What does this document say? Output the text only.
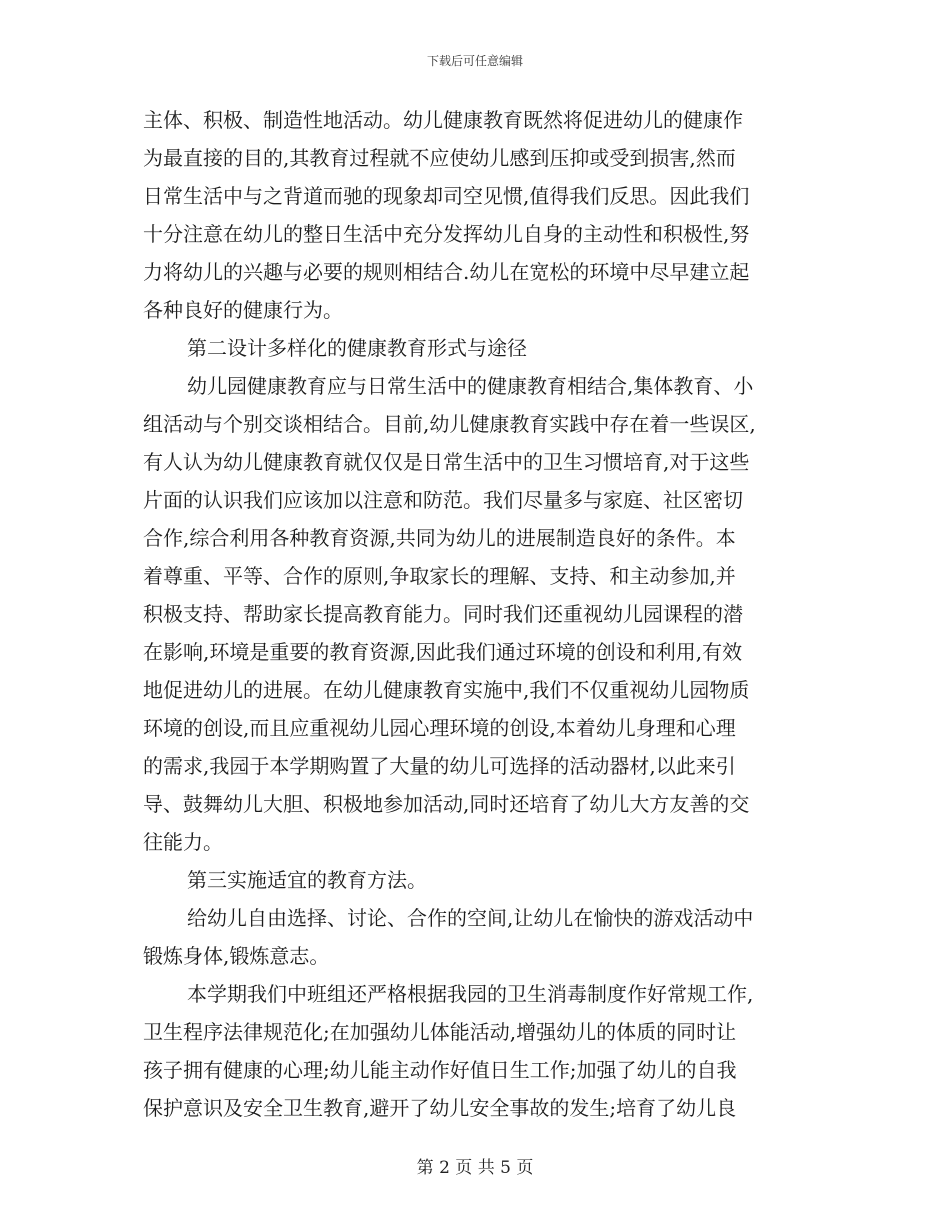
下载后可任意编辑
主体、积极、制造性地活动。幼儿健康教育既然将促进幼儿的健康作
为最直接的目的,其教育过程就不应使幼儿感到压抑或受到损害,然而
日常生活中与之背道而驰的现象却司空见惯,值得我们反思。因此我们
十分注意在幼儿的整日生活中充分发挥幼儿自身的主动性和积极性,努
力将幼儿的兴趣与必要的规则相结合.幼儿在宽松的环境中尽早建立起
各种良好的健康行为。
第二设计多样化的健康教育形式与途径
幼儿园健康教育应与日常生活中的健康教育相结合,集体教育、小
组活动与个别交谈相结合。目前,幼儿健康教育实践中存在着一些误区,
有人认为幼儿健康教育就仅仅是日常生活中的卫生习惯培育,对于这些
片面的认识我们应该加以注意和防范。我们尽量多与家庭、社区密切
合作,综合利用各种教育资源,共同为幼儿的进展制造良好的条件。本
着尊重、平等、合作的原则,争取家长的理解、支持、和主动参加,并
积极支持、帮助家长提高教育能力。同时我们还重视幼儿园课程的潜
在影响,环境是重要的教育资源,因此我们通过环境的创设和利用,有效
地促进幼儿的进展。在幼儿健康教育实施中,我们不仅重视幼儿园物质
环境的创设,而且应重视幼儿园心理环境的创设,本着幼儿身理和心理
的需求,我园于本学期购置了大量的幼儿可选择的活动器材,以此来引
导、鼓舞幼儿大胆、积极地参加活动,同时还培育了幼儿大方友善的交
往能力。
第三实施适宜的教育方法。
给幼儿自由选择、讨论、合作的空间,让幼儿在愉快的游戏活动中
锻炼身体,锻炼意志。
本学期我们中班组还严格根据我园的卫生消毒制度作好常规工作,
卫生程序法律规范化;在加强幼儿体能活动,增强幼儿的体质的同时让
孩子拥有健康的心理;幼儿能主动作好值日生工作;加强了幼儿的自我
保护意识及安全卫生教育,避开了幼儿安全事故的发生;培育了幼儿良
第 2 页 共 5 页
